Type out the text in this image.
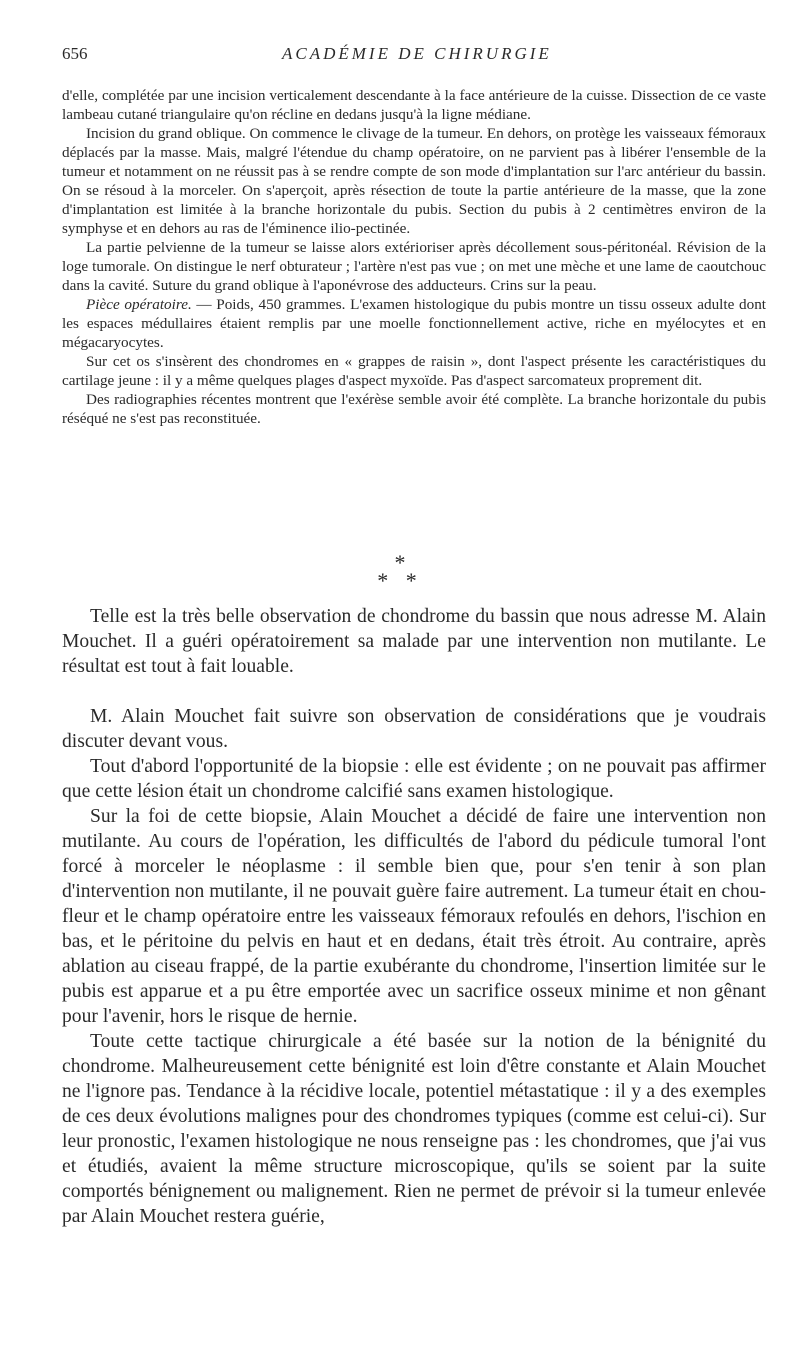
656	ACADÉMIE DE CHIRURGIE

d'elle, complétée par une incision verticalement descendante à la face antérieure de la cuisse. Dissection de ce vaste lambeau cutané triangulaire qu'on récline en dedans jusqu'à la ligne médiane.

Incision du grand oblique. On commence le clivage de la tumeur. En dehors, on protège les vaisseaux fémoraux déplacés par la masse. Mais, malgré l'étendue du champ opératoire, on ne parvient pas à libérer l'ensemble de la tumeur et notamment on ne réussit pas à se rendre compte de son mode d'implantation sur l'arc antérieur du bassin. On se résoud à la morceler. On s'aperçoit, après résection de toute la partie antérieure de la masse, que la zone d'implantation est limitée à la branche horizontale du pubis. Section du pubis à 2 centimètres environ de la symphyse et en dehors au ras de l'éminence ilio-pectinée.

La partie pelvienne de la tumeur se laisse alors extérioriser après décollement sous-péritonéal. Révision de la loge tumorale. On distingue le nerf obturateur ; l'artère n'est pas vue ; on met une mèche et une lame de caoutchouc dans la cavité. Suture du grand oblique à l'aponévrose des adducteurs. Crins sur la peau.

Pièce opératoire. — Poids, 450 grammes. L'examen histologique du pubis montre un tissu osseux adulte dont les espaces médullaires étaient remplis par une moelle fonctionnellement active, riche en myélocytes et en mégacaryocytes.

Sur cet os s'insèrent des chondromes en « grappes de raisin », dont l'aspect présente les caractéristiques du cartilage jeune : il y a même quelques plages d'aspect myxoïde. Pas d'aspect sarcomateux proprement dit.

Des radiographies récentes montrent que l'exérèse semble avoir été complète. La branche horizontale du pubis réséqué ne s'est pas reconstituée.

*
* *

Telle est la très belle observation de chondrome du bassin que nous adresse M. Alain Mouchet. Il a guéri opératoirement sa malade par une intervention non mutilante. Le résultat est tout à fait louable.

M. Alain Mouchet fait suivre son observation de considérations que je voudrais discuter devant vous.

Tout d'abord l'opportunité de la biopsie : elle est évidente ; on ne pouvait pas affirmer que cette lésion était un chondrome calcifié sans examen histologique.

Sur la foi de cette biopsie, Alain Mouchet a décidé de faire une intervention non mutilante. Au cours de l'opération, les difficultés de l'abord du pédicule tumoral l'ont forcé à morceler le néoplasme : il semble bien que, pour s'en tenir à son plan d'intervention non mutilante, il ne pouvait guère faire autrement. La tumeur était en chou-fleur et le champ opératoire entre les vaisseaux fémoraux refoulés en dehors, l'ischion en bas, et le péritoine du pelvis en haut et en dedans, était très étroit. Au contraire, après ablation au ciseau frappé, de la partie exubérante du chondrome, l'insertion limitée sur le pubis est apparue et a pu être emportée avec un sacrifice osseux minime et non gênant pour l'avenir, hors le risque de hernie.

Toute cette tactique chirurgicale a été basée sur la notion de la bénignité du chondrome. Malheureusement cette bénignité est loin d'être constante et Alain Mouchet ne l'ignore pas. Tendance à la récidive locale, potentiel métastatique : il y a des exemples de ces deux évolutions malignes pour des chondromes typiques (comme est celui-ci). Sur leur pronostic, l'examen histologique ne nous renseigne pas : les chondromes, que j'ai vus et étudiés, avaient la même structure microscopique, qu'ils se soient par la suite comportés bénignement ou malignement. Rien ne permet de prévoir si la tumeur enlevée par Alain Mouchet restera guérie,
